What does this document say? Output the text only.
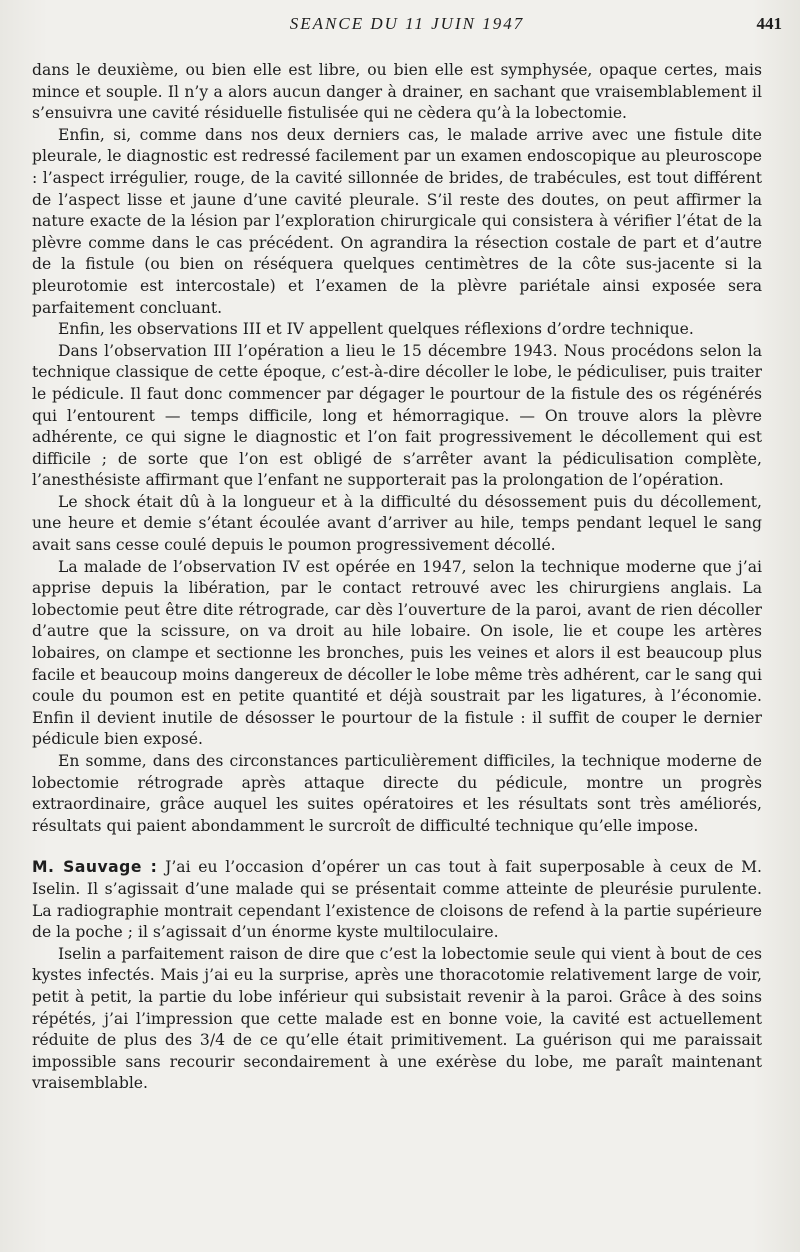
SEANCE DU 11 JUIN 1947	441

dans le deuxième, ou bien elle est libre, ou bien elle est symphysée, opaque certes, mais mince et souple. Il n’y a alors aucun danger à drainer, en sachant que vraisemblablement il s’ensuivra une cavité résiduelle fistulisée qui ne cèdera qu’à la lobectomie.

Enfin, si, comme dans nos deux derniers cas, le malade arrive avec une fistule dite pleurale, le diagnostic est redressé facilement par un examen endoscopique au pleuroscope : l’aspect irrégulier, rouge, de la cavité sillonnée de brides, de trabécules, est tout différent de l’aspect lisse et jaune d’une cavité pleurale. S’il reste des doutes, on peut affirmer la nature exacte de la lésion par l’exploration chirurgicale qui consistera à vérifier l’état de la plèvre comme dans le cas précédent. On agrandira la résection costale de part et d’autre de la fistule (ou bien on réséquera quelques centimètres de la côte sus-jacente si la pleurotomie est intercostale) et l’examen de la plèvre pariétale ainsi exposée sera parfaitement concluant.

Enfin, les observations III et IV appellent quelques réflexions d’ordre technique.

Dans l’observation III l’opération a lieu le 15 décembre 1943. Nous procédons selon la technique classique de cette époque, c’est-à-dire décoller le lobe, le pédiculiser, puis traiter le pédicule. Il faut donc commencer par dégager le pourtour de la fistule des os régénérés qui l’entourent — temps difficile, long et hémorragique. — On trouve alors la plèvre adhérente, ce qui signe le diagnostic et l’on fait progressivement le décollement qui est difficile ; de sorte que l’on est obligé de s’arrêter avant la pédiculisation complète, l’anesthésiste affirmant que l’enfant ne supporterait pas la prolongation de l’opération.

Le shock était dû à la longueur et à la difficulté du désossement puis du décollement, une heure et demie s’étant écoulée avant d’arriver au hile, temps pendant lequel le sang avait sans cesse coulé depuis le poumon progressivement décollé.

La malade de l’observation IV est opérée en 1947, selon la technique moderne que j’ai apprise depuis la libération, par le contact retrouvé avec les chirurgiens anglais. La lobectomie peut être dite rétrograde, car dès l’ouverture de la paroi, avant de rien décoller d’autre que la scissure, on va droit au hile lobaire. On isole, lie et coupe les artères lobaires, on clampe et sectionne les bronches, puis les veines et alors il est beaucoup plus facile et beaucoup moins dangereux de décoller le lobe même très adhérent, car le sang qui coule du poumon est en petite quantité et déjà soustrait par les ligatures, à l’économie. Enfin il devient inutile de désosser le pourtour de la fistule : il suffit de couper le dernier pédicule bien exposé.

En somme, dans des circonstances particulièrement difficiles, la technique moderne de lobectomie rétrograde après attaque directe du pédicule, montre un progrès extraordinaire, grâce auquel les suites opératoires et les résultats sont très améliorés, résultats qui paient abondamment le surcroît de difficulté technique qu’elle impose.

M. Sauvage : J’ai eu l’occasion d’opérer un cas tout à fait superposable à ceux de M. Iselin. Il s’agissait d’une malade qui se présentait comme atteinte de pleurésie purulente. La radiographie montrait cependant l’existence de cloisons de refend à la partie supérieure de la poche ; il s’agissait d’un énorme kyste multiloculaire.

Iselin a parfaitement raison de dire que c’est la lobectomie seule qui vient à bout de ces kystes infectés. Mais j’ai eu la surprise, après une thoracotomie relativement large de voir, petit à petit, la partie du lobe inférieur qui subsistait revenir à la paroi. Grâce à des soins répétés, j’ai l’impression que cette malade est en bonne voie, la cavité est actuellement réduite de plus des 3/4 de ce qu’elle était primitivement. La guérison qui me paraissait impossible sans recourir secondairement à une exérèse du lobe, me paraît maintenant vraisemblable.
